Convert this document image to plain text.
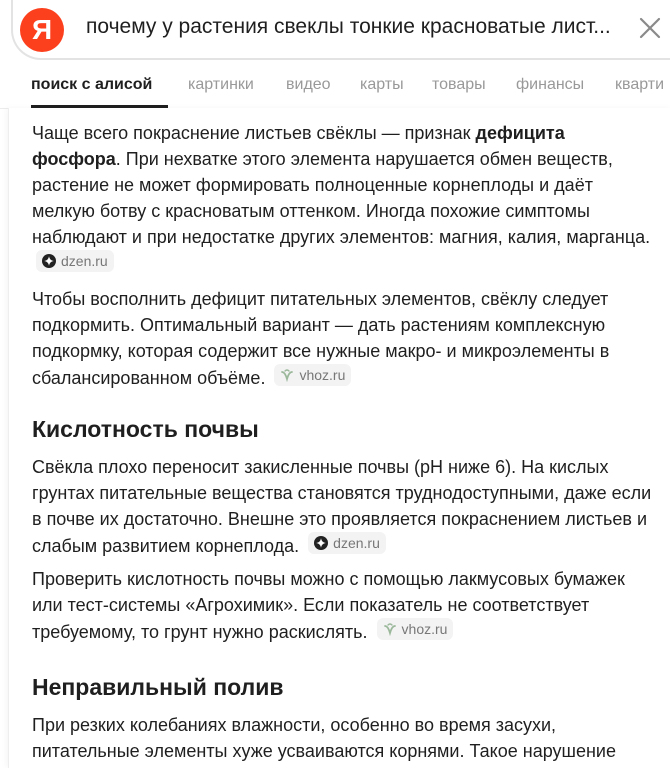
Я почему у растения свеклы тонкие красноватые лист...
поиск с алисой картинки видео карты товары финансы кварти
Чаще всего покраснение листьев свёклы — признак дефицита фосфора. При нехватке этого элемента нарушается обмен веществ, растение не может формировать полноценные корнеплоды и даёт мелкую ботву с красноватым оттенком. Иногда похожие симптомы наблюдают и при недостатке других элементов: магния, калия, марганца.
dzen.ru
Чтобы восполнить дефицит питательных элементов, свёклу следует подкормить. Оптимальный вариант — дать растениям комплексную подкормку, которая содержит все нужные макро- и микроэлементы в сбалансированном объёме. vhoz.ru
Кислотность почвы
Свёкла плохо переносит закисленные почвы (pH ниже 6). На кислых грунтах питательные вещества становятся труднодоступными, даже если в почве их достаточно. Внешне это проявляется покраснением листьев и слабым развитием корнеплода. dzen.ru
Проверить кислотность почвы можно с помощью лакмусовых бумажек или тест-системы «Агрохимик». Если показатель не соответствует требуемому, то грунт нужно раскислять. vhoz.ru
Неправильный полив
При резких колебаниях влажности, особенно во время засухи, питательные элементы хуже усваиваются корнями. Такое нарушение
